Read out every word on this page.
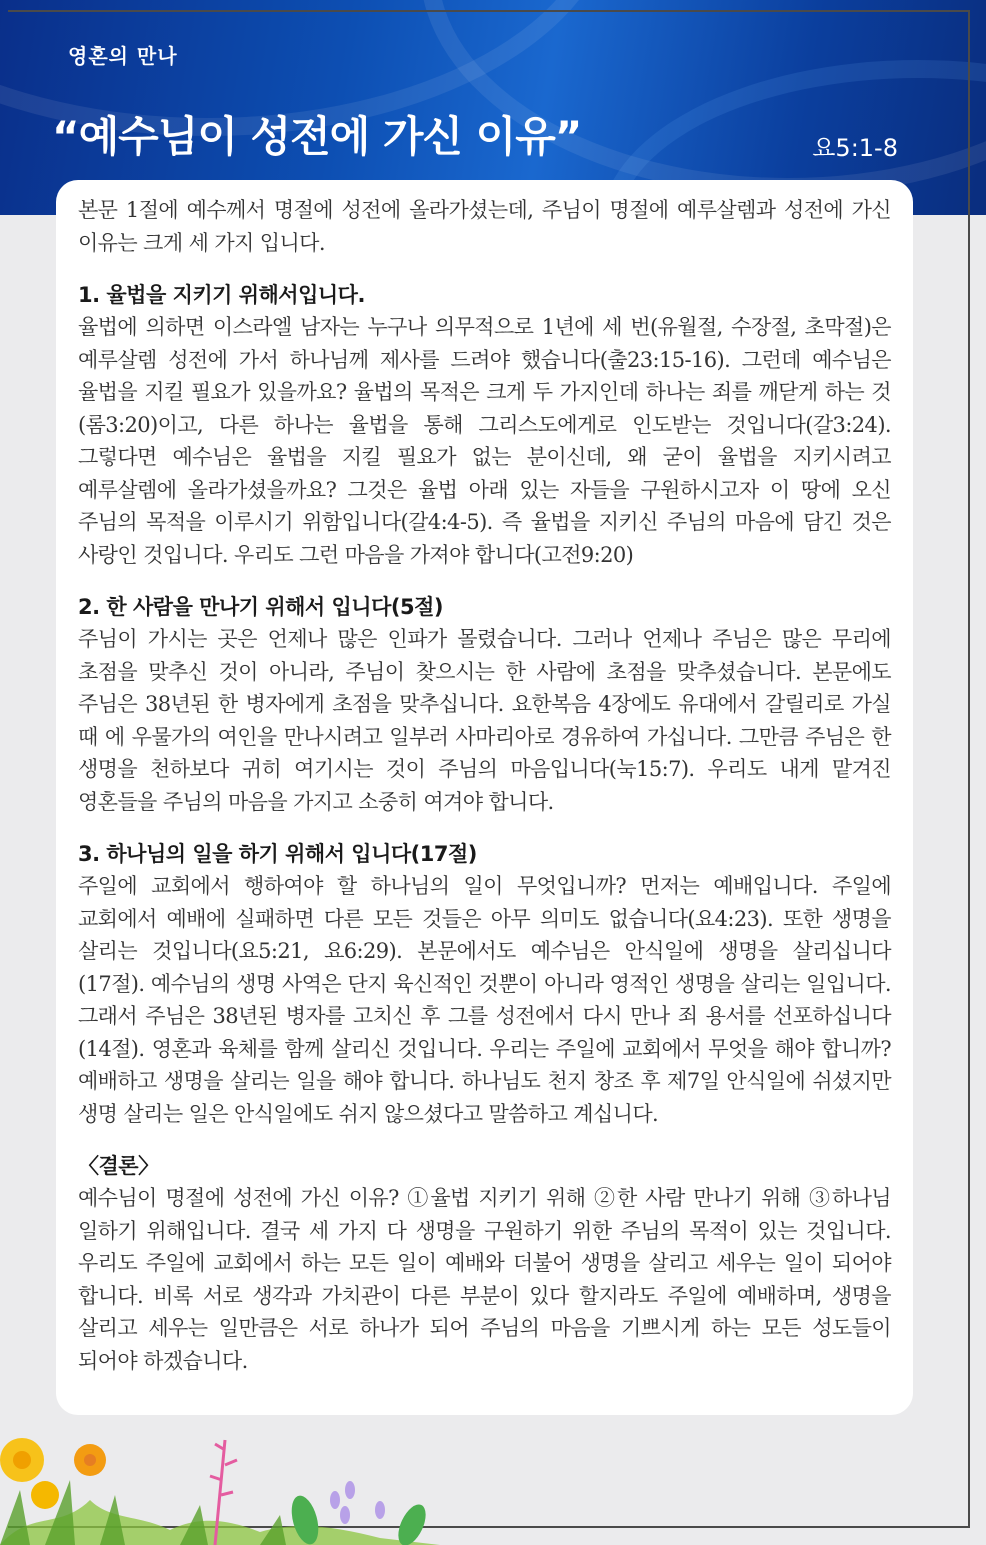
영혼의 만나
“예수님이 성전에 가신 이유”	요5:1-8

본문 1절에 예수께서 명절에 성전에 올라가셨는데, 주님이 명절에 예루살렘과 성전에 가신 이유는 크게 세 가지 입니다.

1. 율법을 지키기 위해서입니다.

율법에 의하면 이스라엘 남자는 누구나 의무적으로 1년에 세 번(유월절, 수장절, 초막절)은 예루살렘 성전에 가서 하나님께 제사를 드려야 했습니다(출23:15-16). 그런데 예수님은 율법을 지킬 필요가 있을까요? 율법의 목적은 크게 두 가지인데 하나는 죄를 깨닫게 하는 것(롬3:20)이고, 다른 하나는 율법을 통해 그리스도에게로 인도받는 것입니다(갈3:24). 그렇다면 예수님은 율법을 지킬 필요가 없는 분이신데, 왜 굳이 율법을 지키시려고 예루살렘에 올라가셨을까요? 그것은 율법 아래 있는 자들을 구원하시고자 이 땅에 오신 주님의 목적을 이루시기 위함입니다(갈4:4-5). 즉 율법을 지키신 주님의 마음에 담긴 것은 사랑인 것입니다. 우리도 그런 마음을 가져야 합니다(고전9:20)

2. 한 사람을 만나기 위해서 입니다(5절)

주님이 가시는 곳은 언제나 많은 인파가 몰렸습니다. 그러나 언제나 주님은 많은 무리에 초점을 맞추신 것이 아니라, 주님이 찾으시는 한 사람에 초점을 맞추셨습니다. 본문에도 주님은 38년된 한 병자에게 초점을 맞추십니다. 요한복음 4장에도 유대에서 갈릴리로 가실 때 에 우물가의 여인을 만나시려고 일부러 사마리아로 경유하여 가십니다. 그만큼 주님은 한 생명을 천하보다 귀히 여기시는 것이 주님의 마음입니다(눅15:7). 우리도 내게 맡겨진 영혼들을 주님의 마음을 가지고 소중히 여겨야 합니다.

3. 하나님의 일을 하기 위해서 입니다(17절)

주일에 교회에서 행하여야 할 하나님의 일이 무엇입니까? 먼저는 예배입니다. 주일에 교회에서 예배에 실패하면 다른 모든 것들은 아무 의미도 없습니다(요4:23). 또한 생명을 살리는 것입니다(요5:21, 요6:29). 본문에서도 예수님은 안식일에 생명을 살리십니다(17절). 예수님의 생명 사역은 단지 육신적인 것뿐이 아니라 영적인 생명을 살리는 일입니다. 그래서 주님은 38년된 병자를 고치신 후 그를 성전에서 다시 만나 죄 용서를 선포하십니다(14절). 영혼과 육체를 함께 살리신 것입니다. 우리는 주일에 교회에서 무엇을 해야 합니까? 예배하고 생명을 살리는 일을 해야 합니다. 하나님도 천지 창조 후 제7일 안식일에 쉬셨지만 생명 살리는 일은 안식일에도 쉬지 않으셨다고 말씀하고 계십니다.

〈결론〉

예수님이 명절에 성전에 가신 이유? ①율법 지키기 위해 ②한 사람 만나기 위해 ③하나님 일하기 위해입니다. 결국 세 가지 다 생명을 구원하기 위한 주님의 목적이 있는 것입니다. 우리도 주일에 교회에서 하는 모든 일이 예배와 더불어 생명을 살리고 세우는 일이 되어야 합니다. 비록 서로 생각과 가치관이 다른 부분이 있다 할지라도 주일에 예배하며, 생명을 살리고 세우는 일만큼은 서로 하나가 되어 주님의 마음을 기쁘시게 하는 모든 성도들이 되어야 하겠습니다.
